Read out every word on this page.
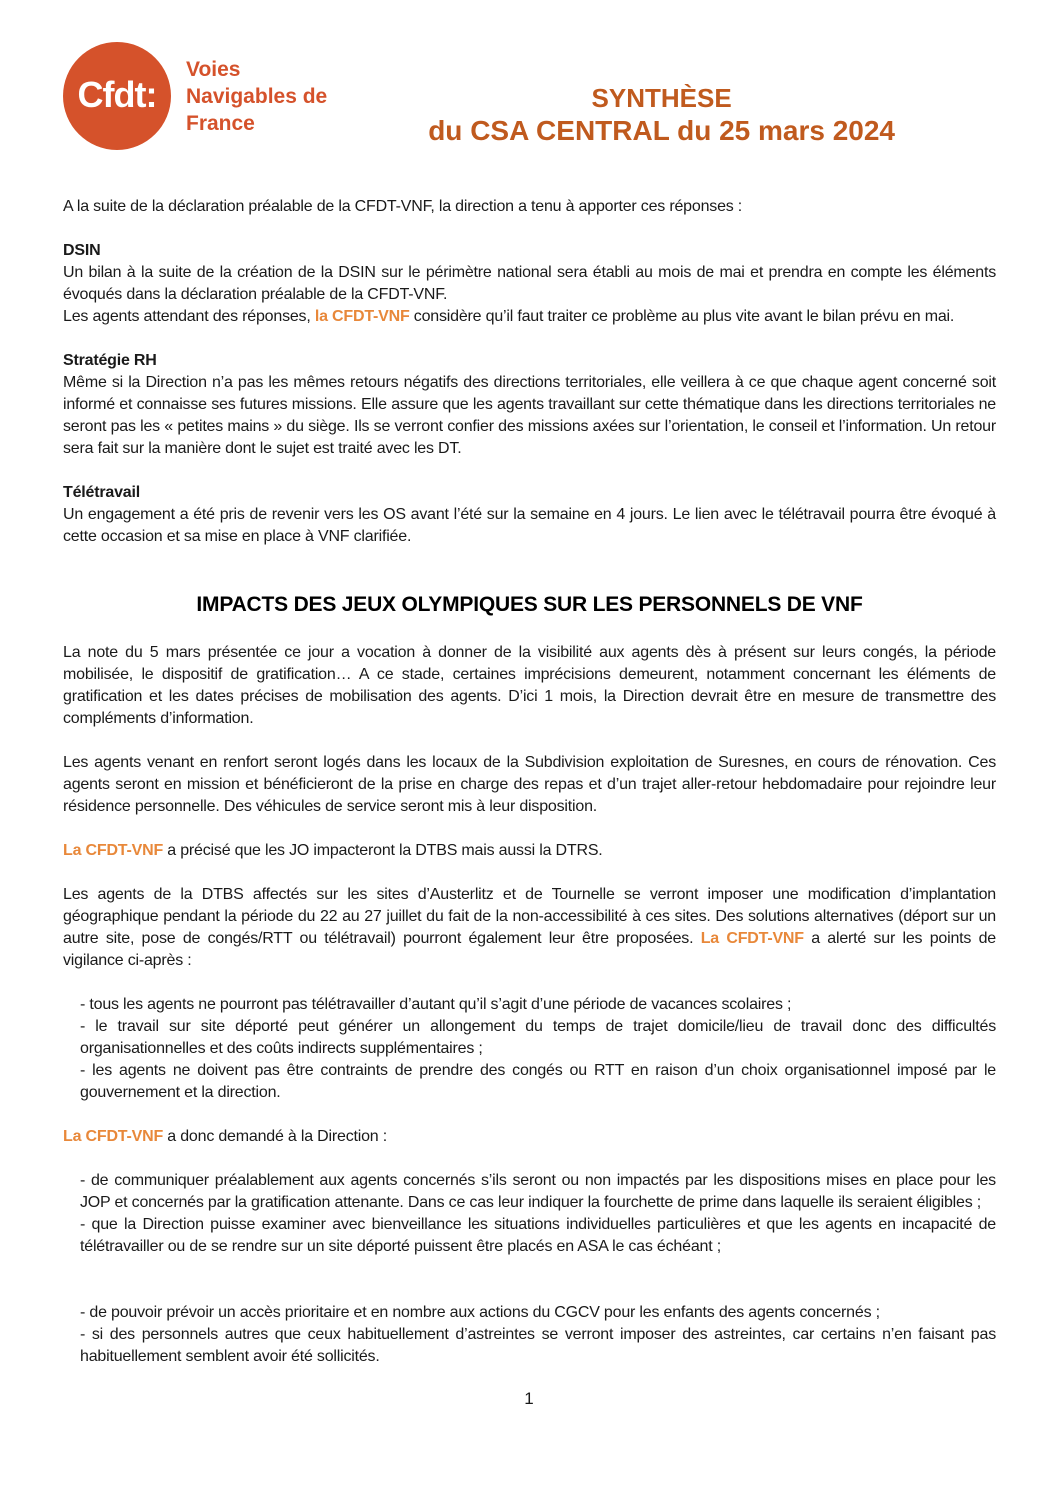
Cfdt:
Voies
Navigables de
France
SYNTHÈSE
du CSA CENTRAL du 25 mars 2024

A la suite de la déclaration préalable de la CFDT-VNF, la direction a tenu à apporter ces réponses :

DSIN

Un bilan à la suite de la création de la DSIN sur le périmètre national sera établi au mois de mai et prendra en compte les éléments évoqués dans la déclaration préalable de la CFDT-VNF.

Les agents attendant des réponses, la CFDT-VNF considère qu’il faut traiter ce problème au plus vite avant le bilan prévu en mai.

Stratégie RH

Même si la Direction n’a pas les mêmes retours négatifs des directions territoriales, elle veillera à ce que chaque agent concerné soit informé et connaisse ses futures missions. Elle assure que les agents travaillant sur cette thématique dans les directions territoriales ne seront pas les « petites mains » du siège. Ils se verront confier des missions axées sur l’orientation, le conseil et l’information. Un retour sera fait sur la manière dont le sujet est traité avec les DT.

Télétravail

Un engagement a été pris de revenir vers les OS avant l’été sur la semaine en 4 jours. Le lien avec le télétravail pourra être évoqué à cette occasion et sa mise en place à VNF clarifiée.

IMPACTS DES JEUX OLYMPIQUES SUR LES PERSONNELS DE VNF

La note du 5 mars présentée ce jour a vocation à donner de la visibilité aux agents dès à présent sur leurs congés, la période mobilisée, le dispositif de gratification… A ce stade, certaines imprécisions demeurent, notamment concernant les éléments de gratification et les dates précises de mobilisation des agents. D’ici 1 mois, la Direction devrait être en mesure de transmettre des compléments d’information.

Les agents venant en renfort seront logés dans les locaux de la Subdivision exploitation de Suresnes, en cours de rénovation. Ces agents seront en mission et bénéficieront de la prise en charge des repas et d’un trajet aller-retour hebdomadaire pour rejoindre leur résidence personnelle. Des véhicules de service seront mis à leur disposition.

La CFDT-VNF a précisé que les JO impacteront la DTBS mais aussi la DTRS.

Les agents de la DTBS affectés sur les sites d’Austerlitz et de Tournelle se verront imposer une modification d’implantation géographique pendant la période du 22 au 27 juillet du fait de la non-accessibilité à ces sites. Des solutions alternatives (déport sur un autre site, pose de congés/RTT ou télétravail) pourront également leur être proposées. La CFDT-VNF a alerté sur les points de vigilance ci-après :

- tous les agents ne pourront pas télétravailler d’autant qu’il s’agit d’une période de vacances scolaires ;

- le travail sur site déporté peut générer un allongement du temps de trajet domicile/lieu de travail donc des difficultés organisationnelles et des coûts indirects supplémentaires ;

- les agents ne doivent pas être contraints de prendre des congés ou RTT en raison d’un choix organisationnel imposé par le gouvernement et la direction.

La CFDT-VNF a donc demandé à la Direction :

- de communiquer préalablement aux agents concernés s’ils seront ou non impactés par les dispositions mises en place pour les JOP et concernés par la gratification attenante. Dans ce cas leur indiquer la fourchette de prime dans laquelle ils seraient éligibles ;

- que la Direction puisse examiner avec bienveillance les situations individuelles particulières et que les agents en incapacité de télétravailler ou de se rendre sur un site déporté puissent être placés en ASA le cas échéant ;

- de pouvoir prévoir un accès prioritaire et en nombre aux actions du CGCV pour les enfants des agents concernés ;

- si des personnels autres que ceux habituellement d’astreintes se verront imposer des astreintes, car certains n’en faisant pas habituellement semblent avoir été sollicités.

1
